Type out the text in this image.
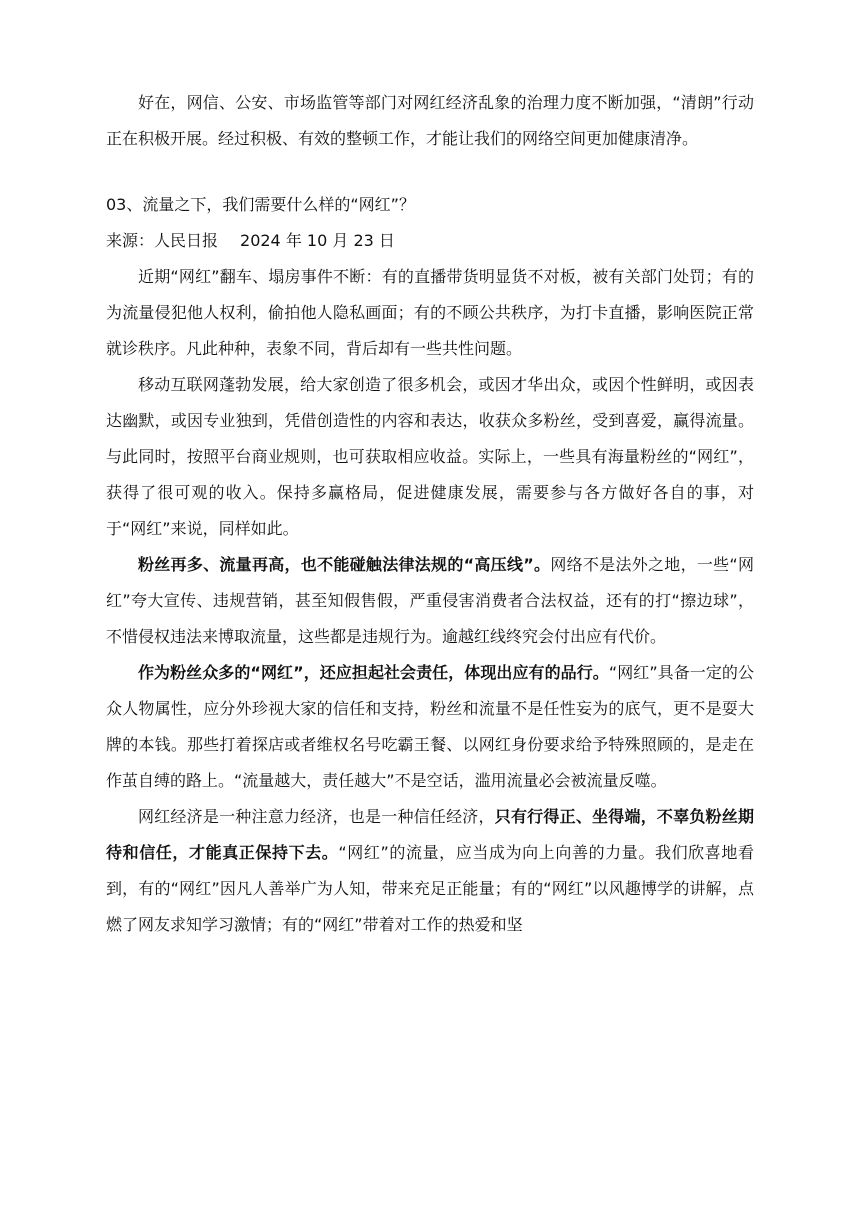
好在，网信、公安、市场监管等部门对网红经济乱象的治理力度不断加强，“清朗”行动正在积极开展。经过积极、有效的整顿工作，才能让我们的网络空间更加健康清净。

03、流量之下，我们需要什么样的“网红”？

来源：人民日报 2024 年 10 月 23 日

近期“网红”翻车、塌房事件不断：有的直播带货明显货不对板，被有关部门处罚；有的为流量侵犯他人权利，偷拍他人隐私画面；有的不顾公共秩序，为打卡直播，影响医院正常就诊秩序。凡此种种，表象不同，背后却有一些共性问题。

移动互联网蓬勃发展，给大家创造了很多机会，或因才华出众，或因个性鲜明，或因表达幽默，或因专业独到，凭借创造性的内容和表达，收获众多粉丝，受到喜爱，赢得流量。与此同时，按照平台商业规则，也可获取相应收益。实际上，一些具有海量粉丝的“网红”，获得了很可观的收入。保持多赢格局，促进健康发展，需要参与各方做好各自的事，对于“网红”来说，同样如此。

粉丝再多、流量再高，也不能碰触法律法规的“高压线”。网络不是法外之地，一些“网红”夸大宣传、违规营销，甚至知假售假，严重侵害消费者合法权益，还有的打“擦边球”，不惜侵权违法来博取流量，这些都是违规行为。逾越红线终究会付出应有代价。

作为粉丝众多的“网红”，还应担起社会责任，体现出应有的品行。“网红”具备一定的公众人物属性，应分外珍视大家的信任和支持，粉丝和流量不是任性妄为的底气，更不是耍大牌的本钱。那些打着探店或者维权名号吃霸王餐、以网红身份要求给予特殊照顾的，是走在作茧自缚的路上。“流量越大，责任越大”不是空话，滥用流量必会被流量反噬。

网红经济是一种注意力经济，也是一种信任经济，只有行得正、坐得端，不辜负粉丝期待和信任，才能真正保持下去。“网红”的流量，应当成为向上向善的力量。我们欣喜地看到，有的“网红”因凡人善举广为人知，带来充足正能量；有的“网红”以风趣博学的讲解，点燃了网友求知学习激情；有的“网红”带着对工作的热爱和坚
